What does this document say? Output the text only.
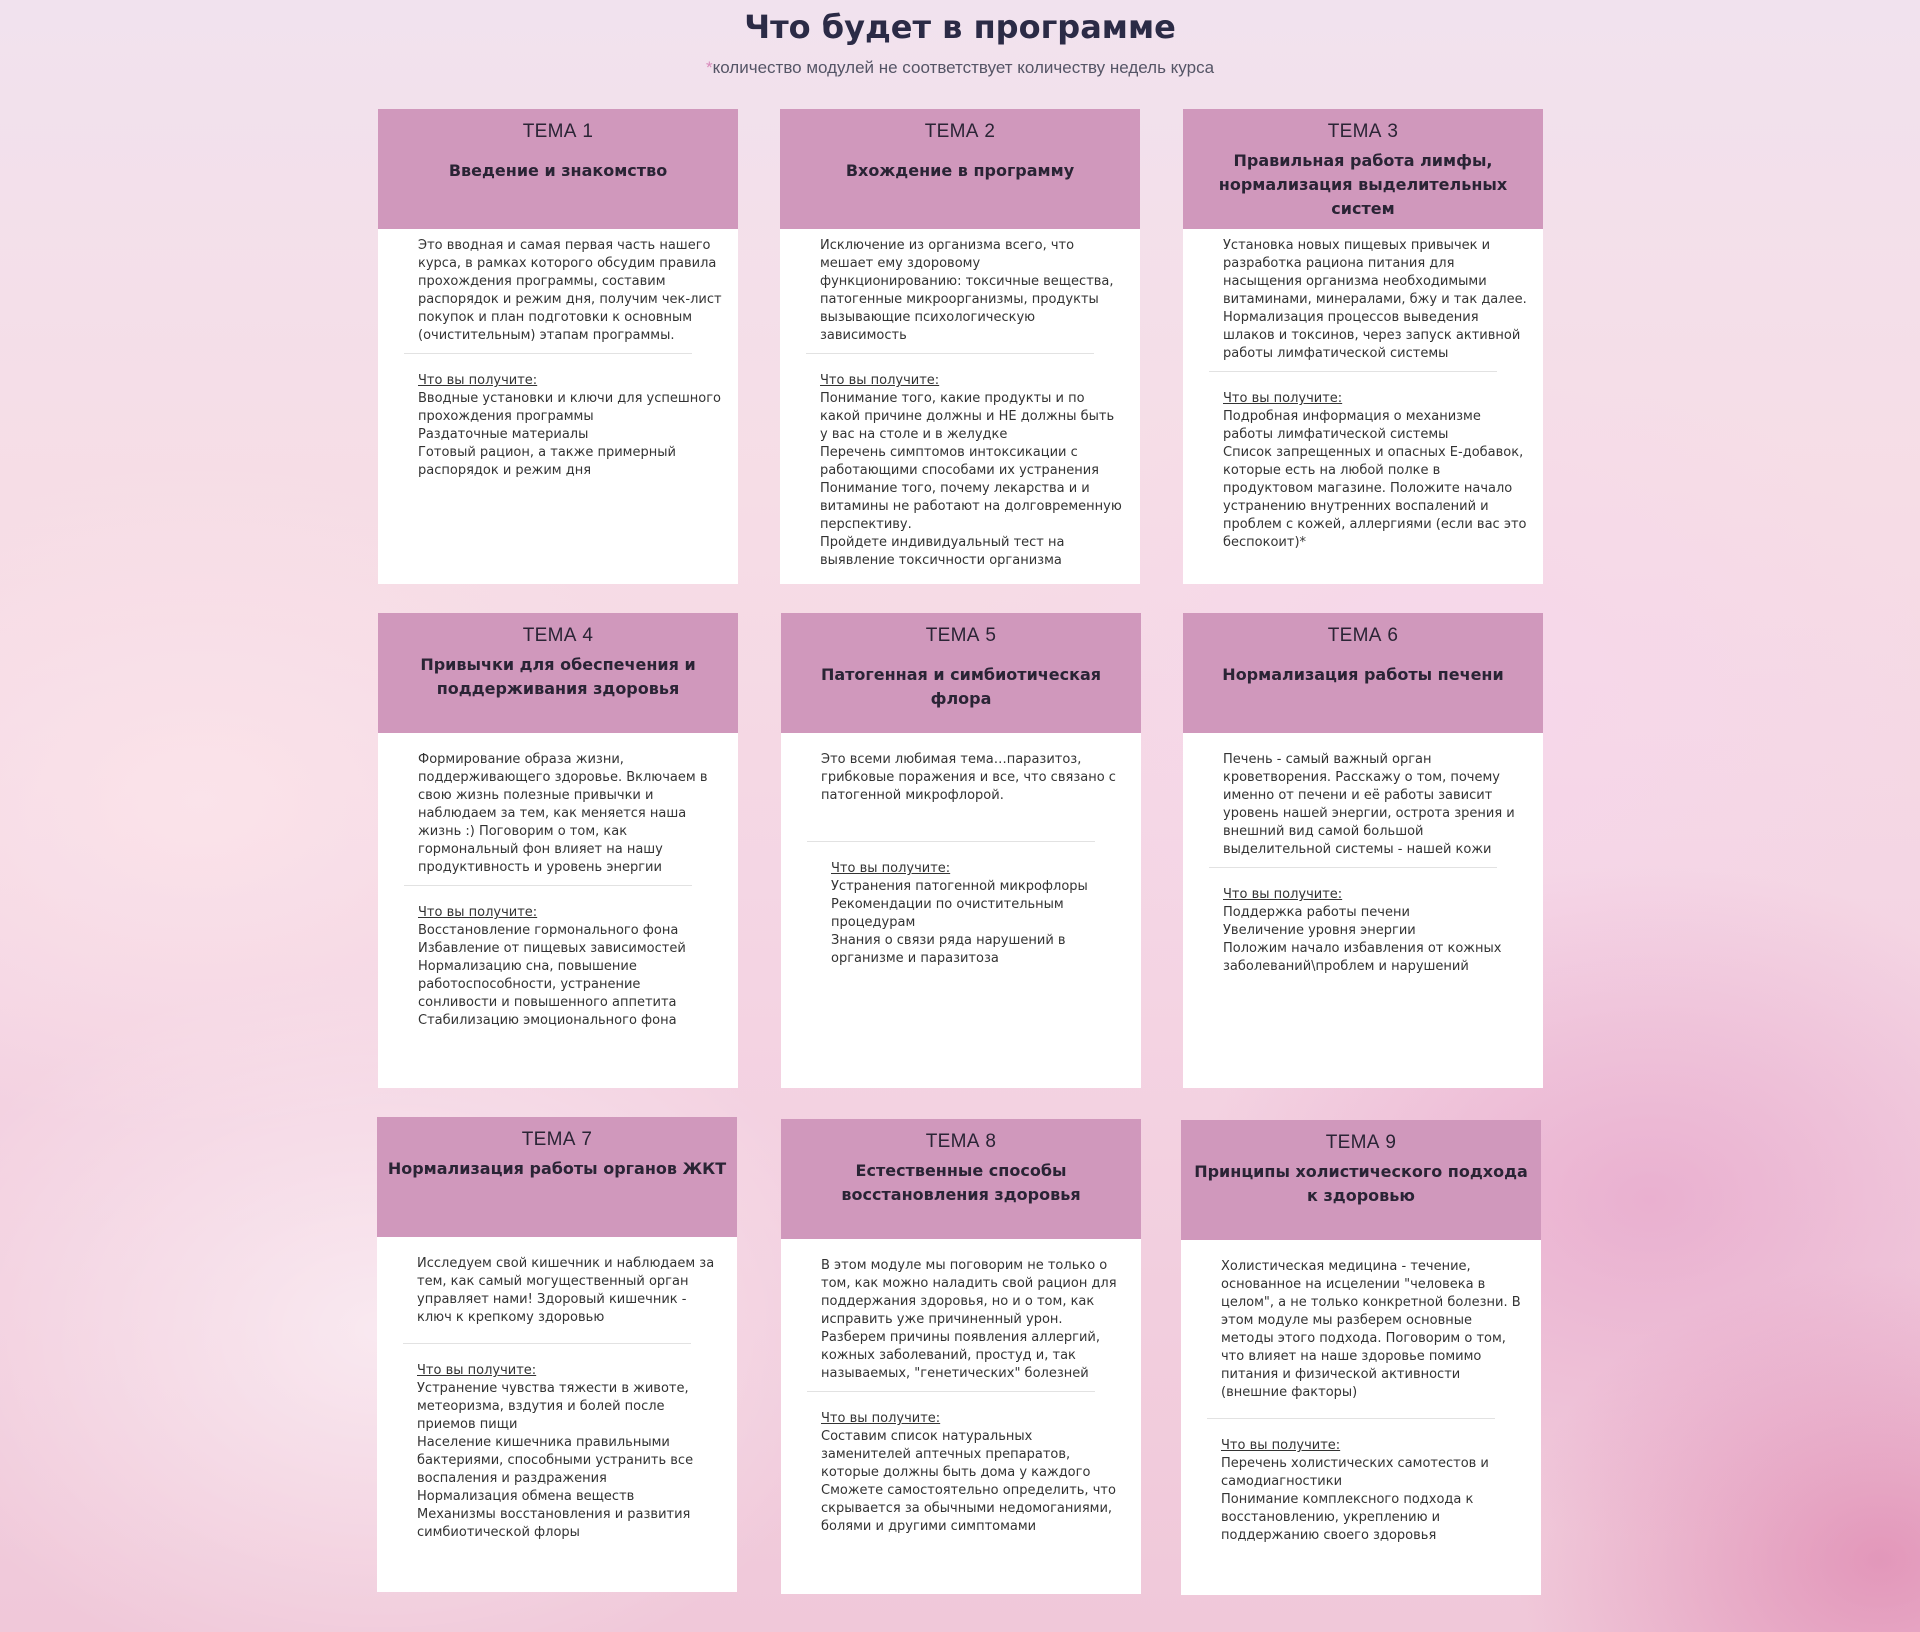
Что будет в программе
*количество модулей не соответствует количеству недель курса
ТЕМА 1
Введение и знакомство

Это вводная и самая первая часть нашего курса, в рамках которого обсудим правила прохождения программы, составим распорядок и режим дня, получим чек-лист покупок и план подготовки к основным (очистительным) этапам программы.

Что вы получите:
Вводные установки и ключи для успешного прохождения программы
Раздаточные материалы
Готовый рацион, а также примерный распорядок и режим дня
ТЕМА 2
Вхождение в программу

Исключение из организма всего, что мешает ему здоровому функционированию: токсичные вещества, патогенные микроорганизмы, продукты вызывающие психологическую зависимость

Что вы получите:
Понимание того, какие продукты и по какой причине должны и НЕ должны быть у вас на столе и в желудке
Перечень симптомов интоксикации с работающими способами их устранения
Понимание того, почему лекарства и и витамины не работают на долговременную перспективу.
Пройдете индивидуальный тест на выявление токсичности организма
ТЕМА 3
Правильная работа лимфы, нормализация выделительных систем

Установка новых пищевых привычек и разработка рациона питания для насыщения организма необходимыми витаминами, минералами, бжу и так далее. Нормализация процессов выведения шлаков и токсинов, через запуск активной работы лимфатической системы

Что вы получите:
Подробная информация о механизме работы лимфатической системы
Список запрещенных и опасных Е-добавок, которые есть на любой полке в продуктовом магазине. Положите начало устранению внутренних воспалений и проблем с кожей, аллергиями (если вас это беспокоит)*
ТЕМА 4
Привычки для обеспечения и поддерживания здоровья

Формирование образа жизни, поддерживающего здоровье. Включаем в свою жизнь полезные привычки и наблюдаем за тем, как меняется наша жизнь :) Поговорим о том, как гормональный фон влияет на нашу продуктивность и уровень энергии

Что вы получите:
Восстановление гормонального фона
Избавление от пищевых зависимостей
Нормализацию сна, повышение работоспособности, устранение сонливости и повышенного аппетита
Стабилизацию эмоционального фона
ТЕМА 5
Патогенная и симбиотическая флора

Это всеми любимая тема…паразитоз, грибковые поражения и все, что связано с патогенной микрофлорой.

Что вы получите:
Устранения патогенной микрофлоры
Рекомендации по очистительным процедурам
Знания о связи ряда нарушений в организме и паразитоза
ТЕМА 6
Нормализация работы печени

Печень - самый важный орган кроветворения. Расскажу о том, почему именно от печени и её работы зависит уровень нашей энергии, острота зрения и внешний вид самой большой выделительной системы - нашей кожи

Что вы получите:
Поддержка работы печени
Увеличение уровня энергии
Положим начало избавления от кожных заболеваний\проблем и нарушений
ТЕМА 7
Нормализация работы органов ЖКТ

Исследуем свой кишечник и наблюдаем за тем, как самый могущественный орган управляет нами! Здоровый кишечник - ключ к крепкому здоровью

Что вы получите:
Устранение чувства тяжести в животе, метеоризма, вздутия и болей после приемов пищи
Население кишечника правильными бактериями, способными устранить все воспаления и раздражения
Нормализация обмена веществ
Механизмы восстановления и развития симбиотической флоры
ТЕМА 8
Естественные способы восстановления здоровья

В этом модуле мы поговорим не только о том, как можно наладить свой рацион для поддержания здоровья, но и о том, как исправить уже причиненный урон. Разберем причины появления аллергий, кожных заболеваний, простуд и, так называемых, "генетических" болезней

Что вы получите:
Составим список натуральных заменителей аптечных препаратов, которые должны быть дома у каждого
Сможете самостоятельно определить, что скрывается за обычными недомоганиями, болями и другими симптомами
ТЕМА 9
Принципы холистического подхода к здоровью

Холистическая медицина - течение, основанное на исцелении "человека в целом", а не только конкретной болезни. В этом модуле мы разберем основные методы этого подхода. Поговорим о том, что влияет на наше здоровье помимо питания и физической активности (внешние факторы)

Что вы получите:
Перечень холистических самотестов и самодиагностики
Понимание комплексного подхода к восстановлению, укреплению и поддержанию своего здоровья
